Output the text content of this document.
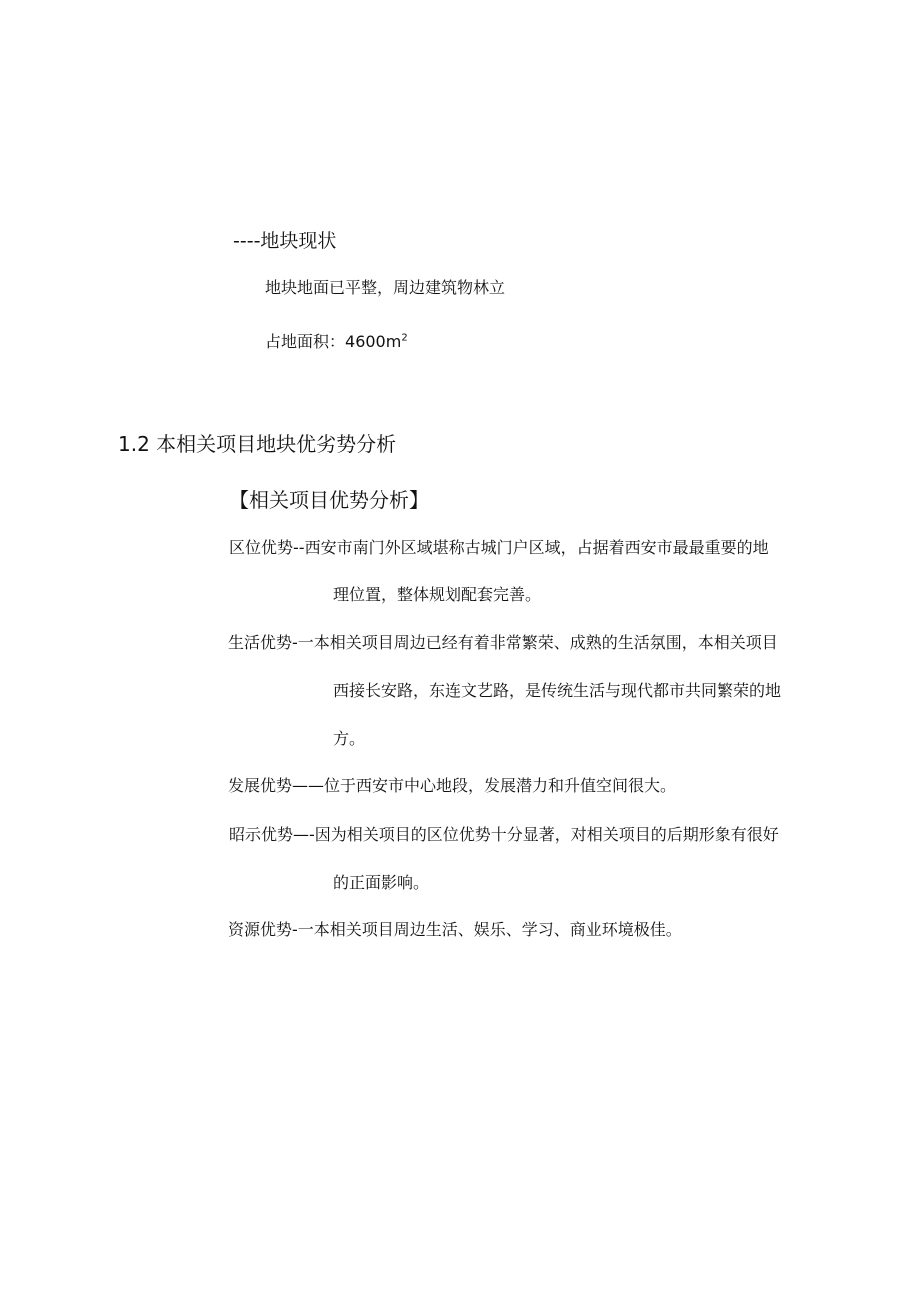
----地块现状
地块地面已平整，周边建筑物林立
占地面积：$4600m^2$
1.2 本相关项目地块优劣势分析
【相关项目优势分析】
区位优势--西安市南门外区域堪称古城门户区域，占据着西安市最最重要的地
理位置，整体规划配套完善。
生活优势-一本相关项目周边已经有着非常繁荣、成熟的生活氛围，本相关项目
西接长安路，东连文艺路，是传统生活与现代都市共同繁荣的地
方。
发展优势——位于西安市中心地段，发展潜力和升值空间很大。
昭示优势—-因为相关项目的区位优势十分显著，对相关项目的后期形象有很好
的正面影响。
资源优势-一本相关项目周边生活、娱乐、学习、商业环境极佳。
